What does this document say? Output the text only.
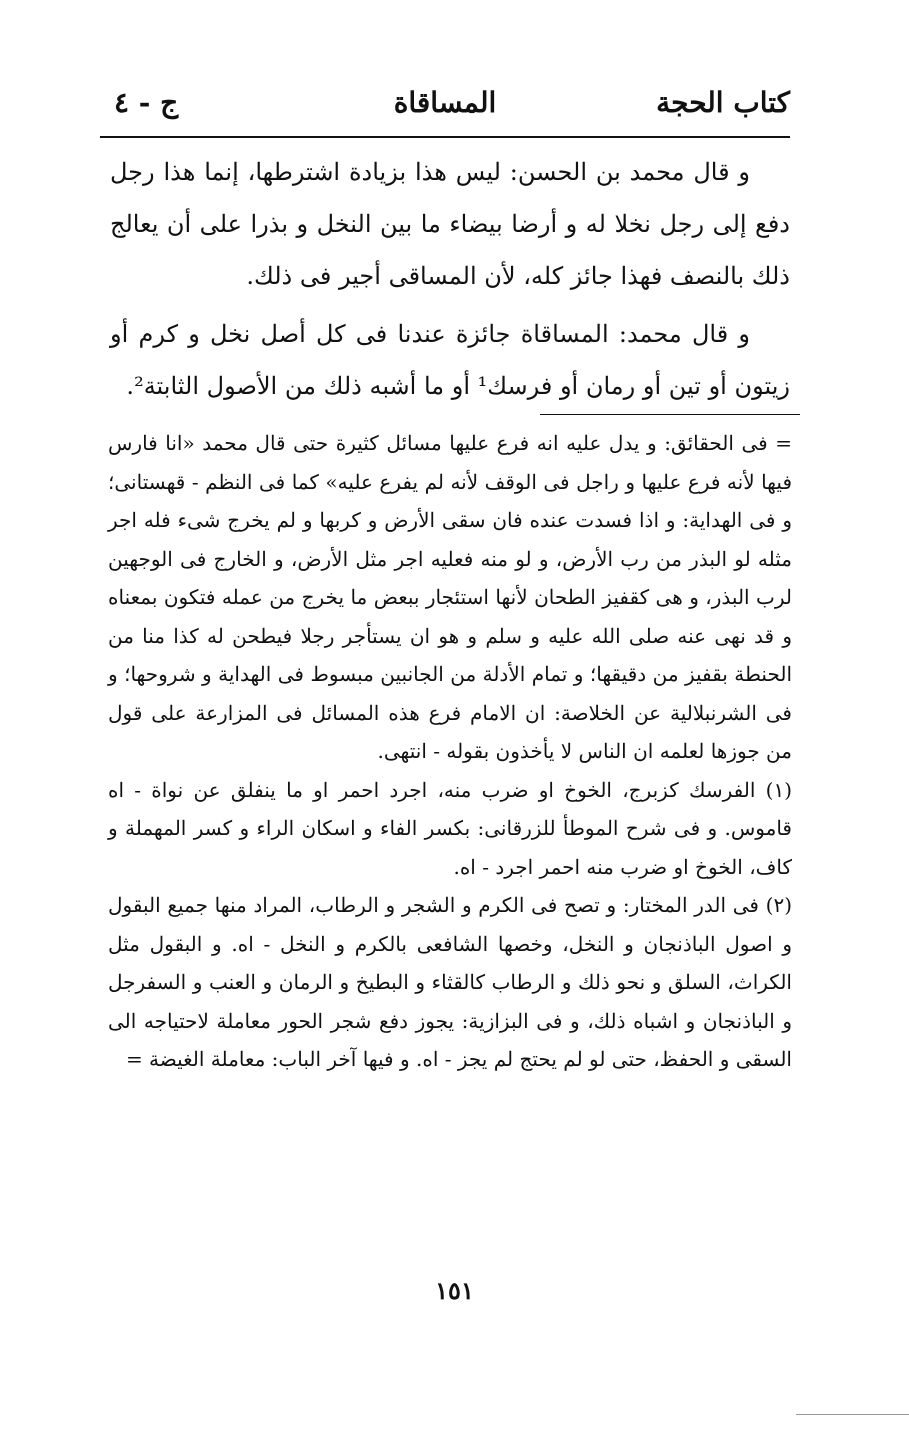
كتاب الحجة
المساقاة
ج - ٤

و قال محمد بن الحسن: ليس هذا بزيادة اشترطها، إنما هذا رجل دفع إلى رجل نخلا له و أرضا بيضاء ما بين النخل و بذرا على أن يعالج ذلك بالنصف فهذا جائز كله، لأن المساقى أجير فى ذلك.

و قال محمد: المساقاة جائزة عندنا فى كل أصل نخل و كرم أو زيتون أو تين أو رمان أو فرسك¹ أو ما أشبه ذلك من الأصول الثابتة².

= فى الحقائق: و يدل عليه انه فرع عليها مسائل كثيرة حتى قال محمد «انا فارس فيها لأنه فرع عليها و راجل فى الوقف لأنه لم يفرع عليه» كما فى النظم - قهستانى؛ و فى الهداية: و اذا فسدت عنده فان سقى الأرض و كربها و لم يخرج شىء فله اجر مثله لو البذر من رب الأرض، و لو منه فعليه اجر مثل الأرض، و الخارج فى الوجهين لرب البذر، و هى كقفيز الطحان لأنها استئجار ببعض ما يخرج من عمله فتكون بمعناه و قد نهى عنه صلى الله عليه و سلم و هو ان يستأجر رجلا فيطحن له كذا منا من الحنطة بقفيز من دقيقها؛ و تمام الأدلة من الجانبين مبسوط فى الهداية و شروحها؛ و فى الشرنبلالية عن الخلاصة: ان الامام فرع هذه المسائل فى المزارعة على قول من جوزها لعلمه ان الناس لا يأخذون بقوله - انتهى.

(١) الفرسك كزبرج، الخوخ او ضرب منه، اجرد احمر او ما ينفلق عن نواة - اه قاموس. و فى شرح الموطأ للزرقانى: بكسر الفاء و اسكان الراء و كسر المهملة و كاف، الخوخ او ضرب منه احمر اجرد - اه.

(٢) فى الدر المختار: و تصح فى الكرم و الشجر و الرطاب، المراد منها جميع البقول و اصول الباذنجان و النخل، وخصها الشافعى بالكرم و النخل - اه. و البقول مثل الكراث، السلق و نحو ذلك و الرطاب كالقثاء و البطيخ و الرمان و العنب و السفرجل و الباذنجان و اشباه ذلك، و فى البزازية: يجوز دفع شجر الحور معاملة لاحتياجه الى السقى و الحفظ، حتى لو لم يحتج لم يجز - اه. و فيها آخر الباب: معاملة الغيضة =

١٥١
